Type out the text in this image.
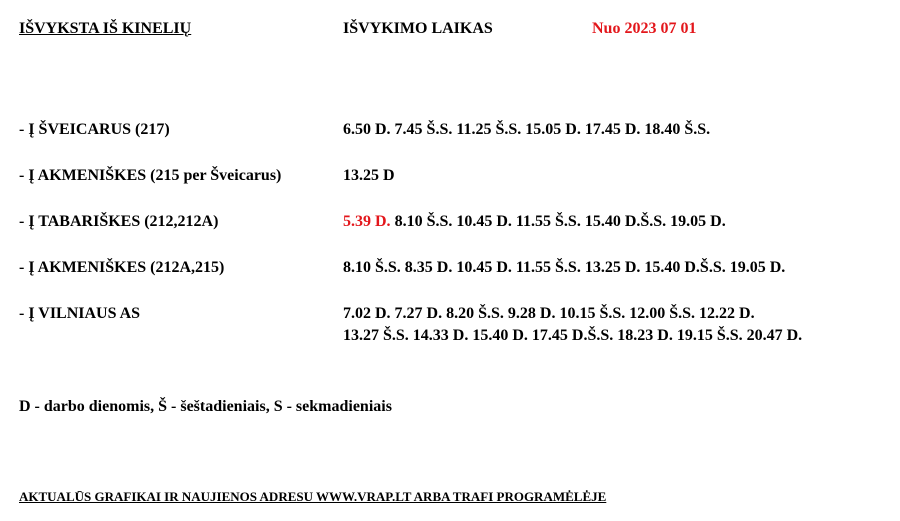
IŠVYKSTA IŠ KINELIŲ	IŠVYKIMO LAIKAS	Nuo 2023 07 01
- Į ŠVEICARUS (217)	6.50 D. 7.45 Š.S. 11.25 Š.S. 15.05 D. 17.45 D. 18.40 Š.S.
- Į AKMENIŠKES (215 per Šveicarus)	13.25 D
- Į TABARIŠKES (212,212A)	5.39 D. 8.10 Š.S. 10.45 D. 11.55 Š.S. 15.40 D.Š.S. 19.05 D.
- Į AKMENIŠKES (212A,215)	8.10 Š.S. 8.35 D. 10.45 D. 11.55 Š.S. 13.25 D. 15.40 D.Š.S. 19.05 D.
- Į VILNIAUS AS	7.02 D. 7.27 D. 8.20 Š.S. 9.28 D. 10.15 Š.S. 12.00 Š.S. 12.22 D.
13.27 Š.S. 14.33 D. 15.40 D. 17.45 D.Š.S. 18.23 D. 19.15 Š.S. 20.47 D.
D - darbo dienomis, Š - šeštadieniais, S - sekmadieniais
AKTUALŪS GRAFIKAI IR NAUJIENOS ADRESU WWW.VRAP.LT ARBA TRAFI PROGRAMĖLĖJE
